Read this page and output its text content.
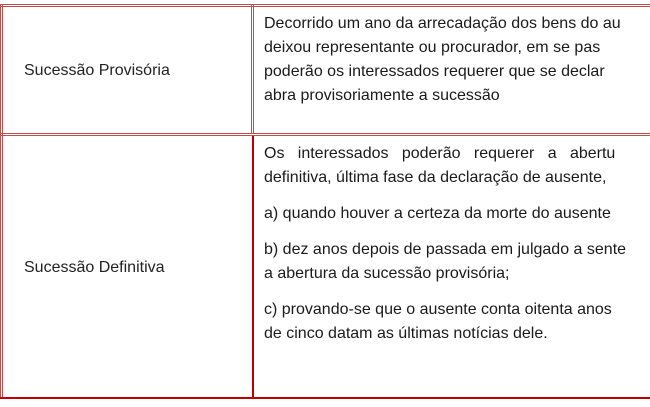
Sucessão Provisória
Decorrido um ano da arrecadação dos bens do au
deixou representante ou procurador, em se pas
poderão os interessados requerer que se declar
abra provisoriamente a sucessão
Sucessão Definitiva
Os   interessados   poderão   requerer   a   abertu
definitiva, última fase da declaração de ausente,
a) quando houver a certeza da morte do ausente
b) dez anos depois de passada em julgado a sente
a abertura da sucessão provisória;
c) provando-se que o ausente conta oitenta anos
de cinco datam as últimas notícias dele.
